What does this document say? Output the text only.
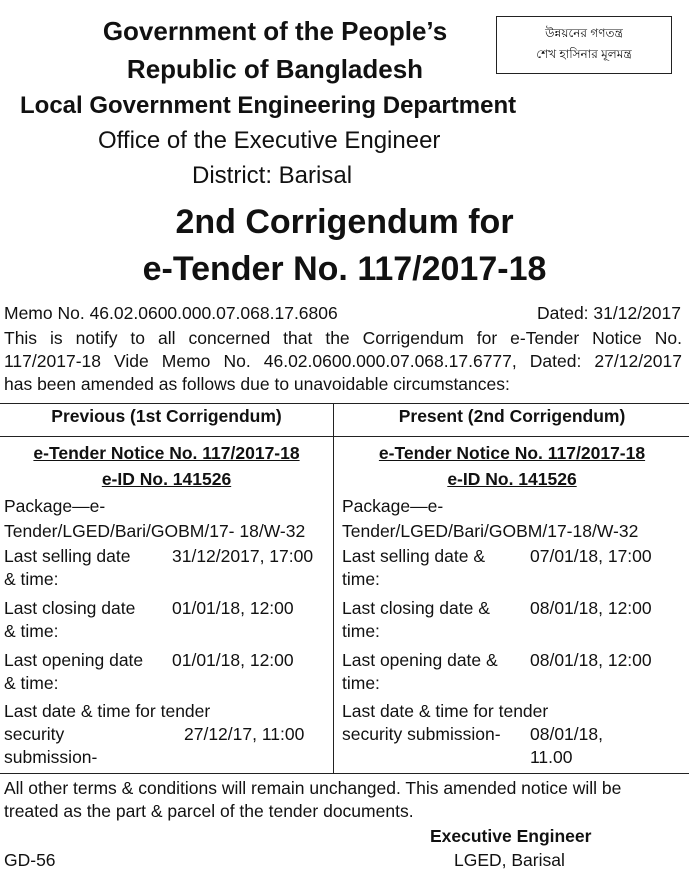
Government of the People’s
Republic of Bangladesh
উন্নয়নের গণতন্ত্র
শেখ হাসিনার মূলমন্ত্র
Local Government Engineering Department
Office of the Executive Engineer
District: Barisal
2nd Corrigendum for
e-Tender No. 117/2017-18
Memo No. 46.02.0600.000.07.068.17.6806	Dated: 31/12/2017
This is notify to all concerned that the Corrigendum for e-Tender Notice No.
117/2017-18 Vide Memo No. 46.02.0600.000.07.068.17.6777, Dated: 27/12/2017
has been amended as follows due to unavoidable circumstances:
Previous (1st Corrigendum)	Present (2nd Corrigendum)
e-Tender Notice No. 117/2017-18
e-ID No. 141526
Package—e-
Tender/LGED/Bari/GOBM/17- 18/W-32
Last selling date
& time:
31/12/2017, 17:00
Last closing date
& time:
01/01/18, 12:00
Last opening date
& time:
01/01/18, 12:00
Last date & time for tender
security
submission-
27/12/17, 11:00
e-Tender Notice No. 117/2017-18
e-ID No. 141526
Package—e-
Tender/LGED/Bari/GOBM/17-18/W-32
Last selling date &
time:
07/01/18, 17:00
Last closing date &
time:
08/01/18, 12:00
Last opening date &
time:
08/01/18, 12:00
Last date & time for tender
security submission- 08/01/18,
11.00
All other terms & conditions will remain unchanged. This amended notice will be
treated as the part & parcel of the tender documents.
Executive Engineer
LGED, Barisal
GD-56
